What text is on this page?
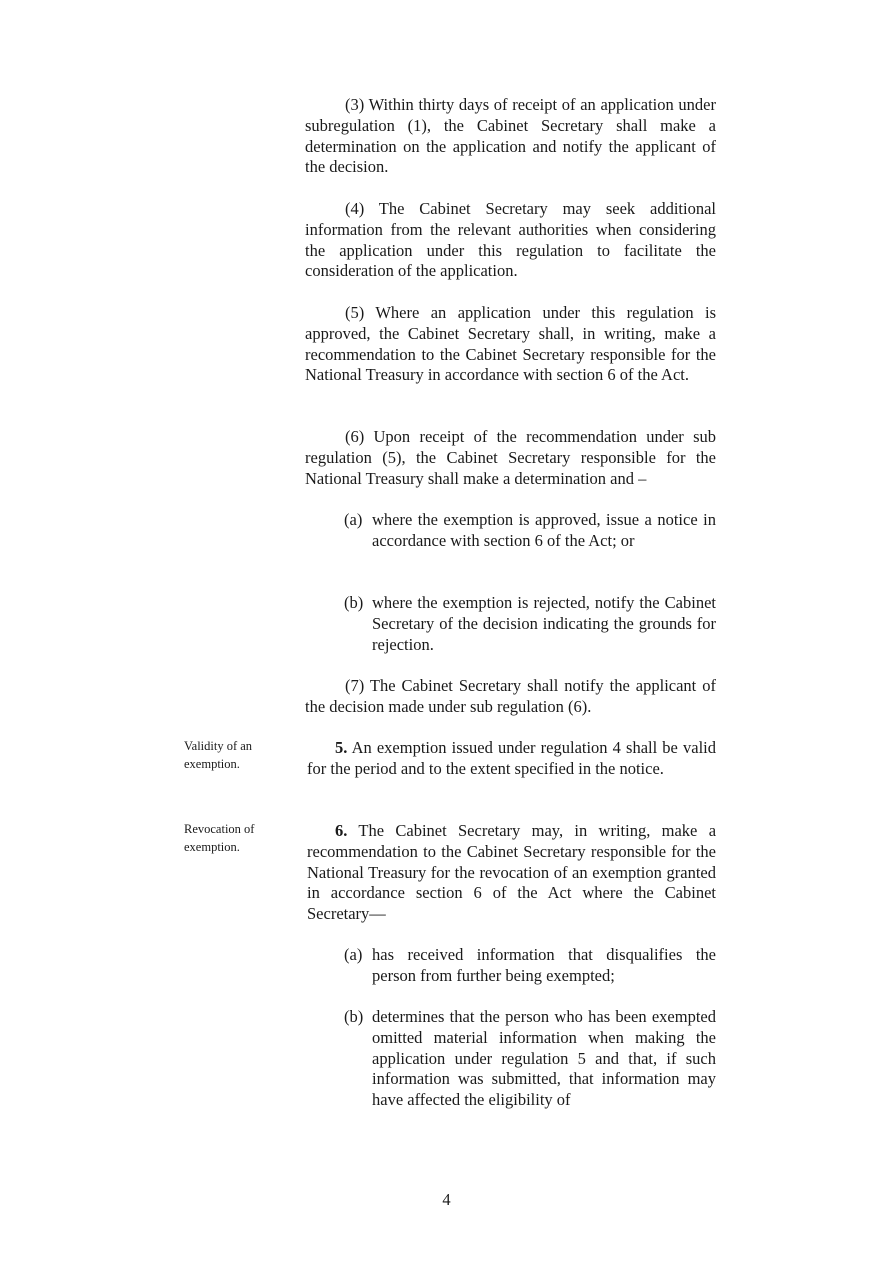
(3) Within thirty days of receipt of an application under subregulation (1), the Cabinet Secretary shall make a determination on the application and notify the applicant of the decision.

(4) The Cabinet Secretary may seek additional information from the relevant authorities when considering the application under this regulation to facilitate the consideration of the application.

(5) Where an application under this regulation is approved, the Cabinet Secretary shall, in writing, make a recommendation to the Cabinet Secretary responsible for the National Treasury in accordance with section 6 of the Act.

(6) Upon receipt of the recommendation under sub regulation (5), the Cabinet Secretary responsible for the National Treasury shall make a determination and –

(a) where the exemption is approved, issue a notice in accordance with section 6 of the Act; or
(b) where the exemption is rejected, notify the Cabinet Secretary of the decision indicating the grounds for rejection.

(7) The Cabinet Secretary shall notify the applicant of the decision made under sub regulation (6).

Validity of an exemption.

5. An exemption issued under regulation 4 shall be valid for the period and to the extent specified in the notice.

Revocation of exemption.

6. The Cabinet Secretary may, in writing, make a recommendation to the Cabinet Secretary responsible for the National Treasury for the revocation of an exemption granted in accordance section 6 of the Act where the Cabinet Secretary—

(a) has received information that disqualifies the person from further being exempted;
(b) determines that the person who has been exempted omitted material information when making the application under regulation 5 and that, if such information was submitted, that information may have affected the eligibility of
4
